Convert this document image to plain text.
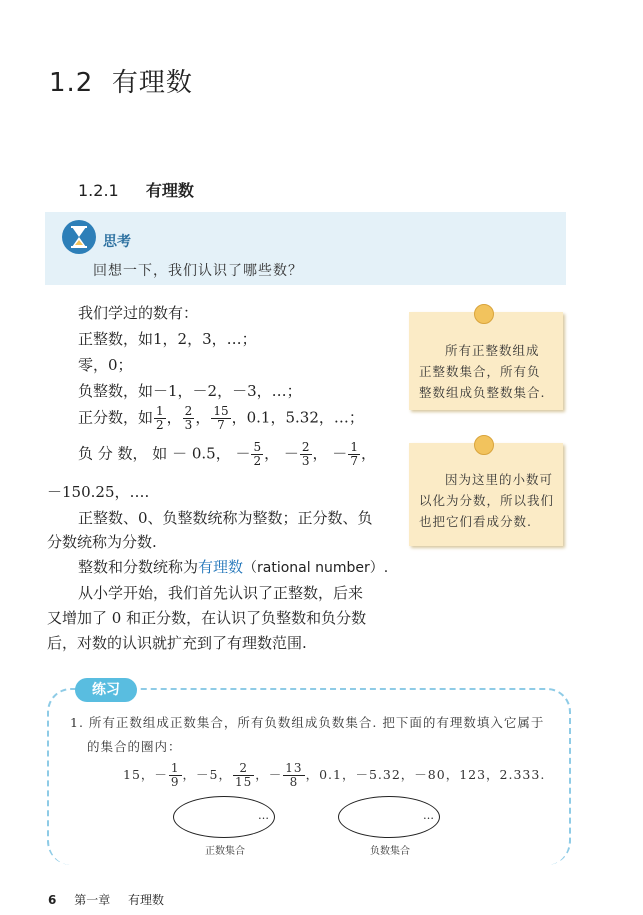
1.2 有理数
1.2.1 有理数
思考
回想一下，我们认识了哪些数？
我们学过的数有：
正整数，如1，2，3，…；
零，0；
负整数，如－1，－2，－3，…；
正分数，如 $\frac{1}{2}$ ， $\frac{2}{3}$ ， $\frac{15}{7}$ ，0.1，5.32，…；
负 分 数， 如 － 0.5， － $\frac{5}{2}$ ， － $\frac{2}{3}$ ， － $\frac{1}{7}$ ，
－150.25，….
正整数、0、负整数统称为整数；正分数、负
分数统称为分数.
整数和分数统称为有理数（rational number）.
从小学开始，我们首先认识了正整数，后来
又增加了 0 和正分数，在认识了负整数和负分数
后，对数的认识就扩充到了有理数范围.
所有正整数组成
正整数集合，所有负
整数组成负整数集合.
因为这里的小数可
以化为分数，所以我们
也把它们看成分数.
练习
1. 所有正数组成正数集合，所有负数组成负数集合. 把下面的有理数填入它属于
的集合的圈内：
15，－ $\frac{1}{9}$ ，－5， $\frac{2}{15}$ ，－ $\frac{13}{8}$ ，0.1，－5.32，－80，123，2.333.
…
正数集合
…
负数集合
6 第一章 有理数
